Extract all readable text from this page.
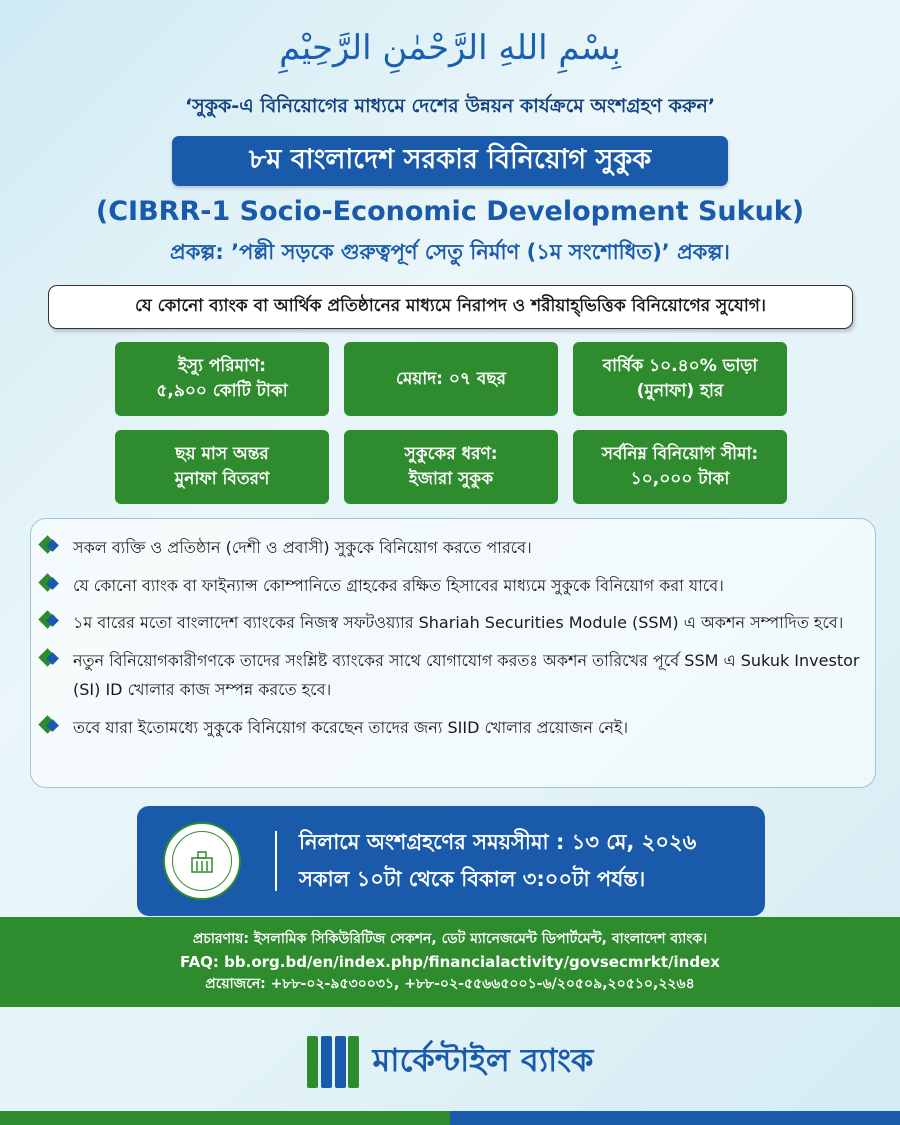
بِسْمِ اللهِ الرَّحْمٰنِ الرَّحِيْمِ
‘সুকুক-এ বিনিয়োগের মাধ্যমে দেশের উন্নয়ন কার্যক্রমে অংশগ্রহণ করুন’
৮ম বাংলাদেশ সরকার বিনিয়োগ সুকুক
(CIBRR-1 Socio-Economic Development Sukuk)
প্রকল্প: ’পল্লী সড়কে গুরুত্বপূর্ণ সেতু নির্মাণ (১ম সংশোধিত)’ প্রকল্প।
যে কোনো ব্যাংক বা আর্থিক প্রতিষ্ঠানের মাধ্যমে নিরাপদ ও শরীয়াহ্‌ভিত্তিক বিনিয়োগের সুযোগ।
ইস্যু পরিমাণ:
৫,৯০০ কোটি টাকা
মেয়াদ: ০৭ বছর
বার্ষিক ১০.৪০% ভাড়া
(মুনাফা) হার
ছয় মাস অন্তর
মুনাফা বিতরণ
সুকুকের ধরণ:
ইজারা সুকুক
সর্বনিম্ন বিনিয়োগ সীমা:
১০,০০০ টাকা
সকল ব্যক্তি ও প্রতিষ্ঠান (দেশী ও প্রবাসী) সুকুকে বিনিয়োগ করতে পারবে।
যে কোনো ব্যাংক বা ফাইন্যান্স কোম্পানিতে গ্রাহকের রক্ষিত হিসাবের মাধ্যমে সুকুকে বিনিয়োগ করা যাবে।
১ম বারের মতো বাংলাদেশ ব্যাংকের নিজস্ব সফটওয়্যার Shariah Securities Module (SSM) এ অকশন সম্পাদিত হবে।
নতুন বিনিয়োগকারীগণকে তাদের সংশ্লিষ্ট ব্যাংকের সাথে যোগাযোগ করতঃ অকশন তারিখের পূর্বে SSM এ Sukuk Investor (SI) ID খোলার কাজ সম্পন্ন করতে হবে।
তবে যারা ইতোমধ্যে সুকুকে বিনিয়োগ করেছেন তাদের জন্য SIID খোলার প্রয়োজন নেই।
নিলামে অংশগ্রহণের সময়সীমা : ১৩ মে, ২০২৬
সকাল ১০টা থেকে বিকাল ৩:০০টা পর্যন্ত।
প্রচারণায়: ইসলামিক সিকিউরিটিজ সেকশন, ডেট ম্যানেজমেন্ট ডিপার্টমেন্ট, বাংলাদেশ ব্যাংক।
FAQ: bb.org.bd/en/index.php/financialactivity/govsecmrkt/index
প্রয়োজনে: +৮৮-০২-৯৫৩০০৩১, +৮৮-০২-৫৫৬৬৫০০১-৬/২০৫০৯,২০৫১০,২২৬৪
মার্কেন্টাইল ব্যাংক
